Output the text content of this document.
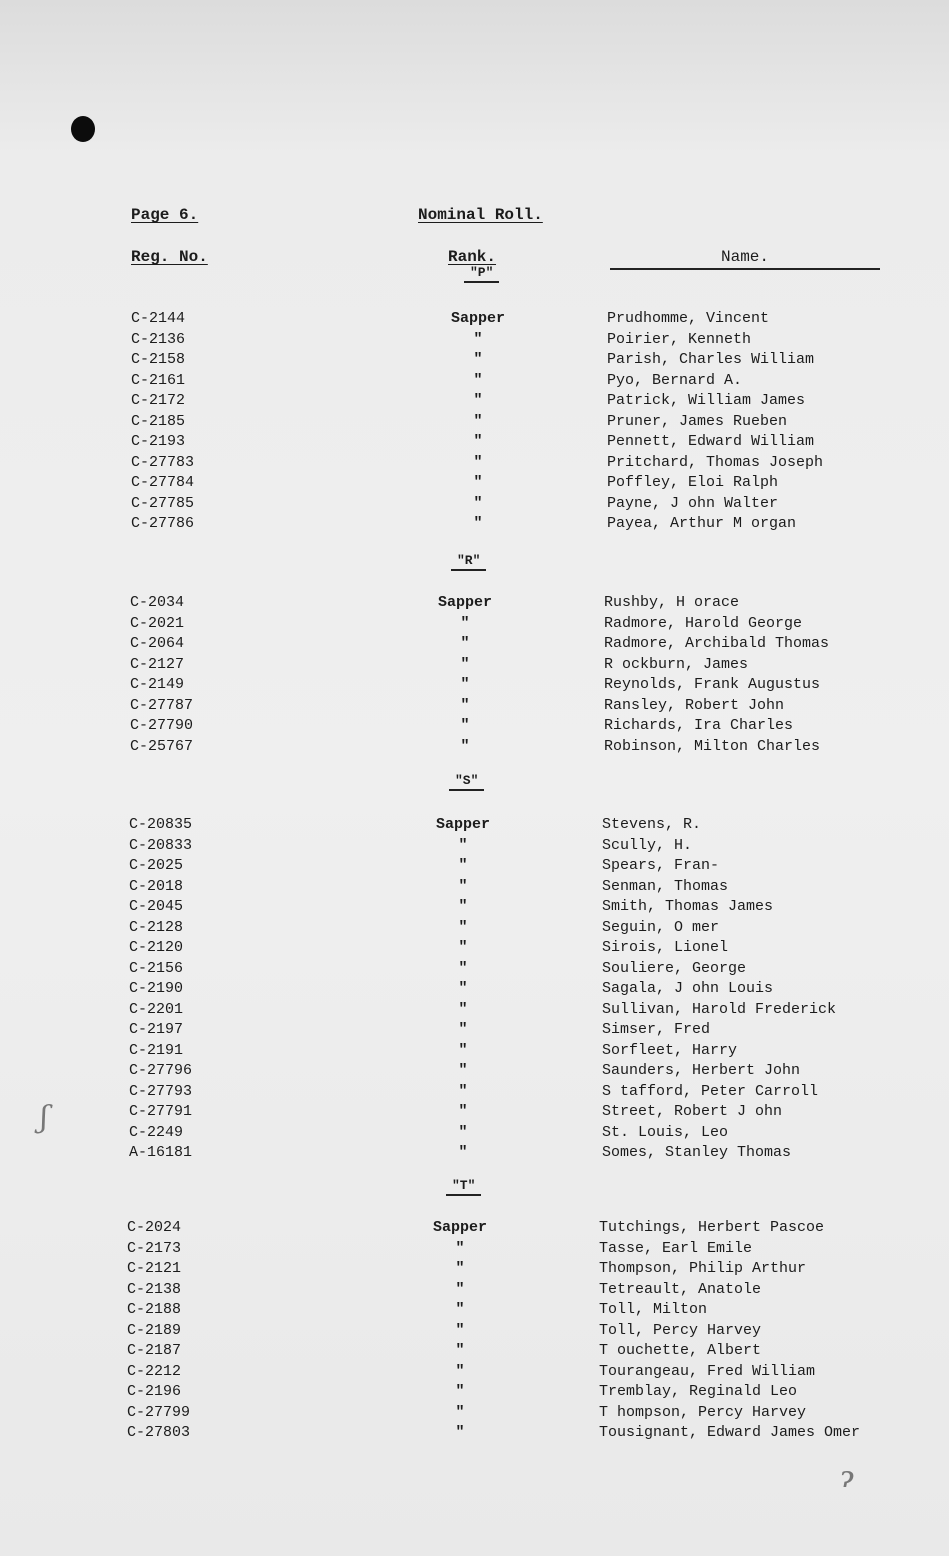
Page 6.	Nominal Roll.
Reg. No.	Rank.	Name.
"P"
C-2144	Sapper	Prudhomme, Vincent
C-2136	"	Poirier, Kenneth
C-2158	"	Parish, Charles William
C-2161	"	Pyo, Bernard A.
C-2172	"	Patrick, William James
C-2185	"	Pruner, James Rueben
C-2193	"	Pennett, Edward William
C-27783	"	Pritchard, Thomas Joseph
C-27784	"	Poffley, Eloi Ralph
C-27785	"	Payne, J ohn Walter
C-27786	"	Payea, Arthur M organ
"R"
C-2034	Sapper	Rushby, H orace
C-2021	"	Radmore, Harold George
C-2064	"	Radmore, Archibald Thomas
C-2127	"	R ockburn, James
C-2149	"	Reynolds, Frank Augustus
C-27787	"	Ransley, Robert John
C-27790	"	Richards, Ira Charles
C-25767	"	Robinson, Milton Charles
"S"
C-20835	Sapper	Stevens, R.
C-20833	"	Scully, H.
C-2025	"	Spears, Fran-
C-2018	"	Senman, Thomas
C-2045	"	Smith, Thomas James
C-2128	"	Seguin, O mer
C-2120	"	Sirois, Lionel
C-2156	"	Souliere, George
C-2190	"	Sagala, J ohn Louis
C-2201	"	Sullivan, Harold Frederick
C-2197	"	Simser, Fred
C-2191	"	Sorfleet, Harry
C-27796	"	Saunders, Herbert John
C-27793	"	S tafford, Peter Carroll
C-27791	"	Street, Robert J ohn
C-2249	"	St. Louis, Leo
A-16181	"	Somes, Stanley Thomas
"T"
C-2024	Sapper	Tutchings, Herbert Pascoe
C-2173	"	Tasse, Earl Emile
C-2121	"	Thompson, Philip Arthur
C-2138	"	Tetreault, Anatole
C-2188	"	Toll, Milton
C-2189	"	Toll, Percy Harvey
C-2187	"	T ouchette, Albert
C-2212	"	Tourangeau, Fred William
C-2196	"	Tremblay, Reginald Leo
C-27799	"	T hompson, Percy Harvey
C-27803	"	Tousignant, Edward James Omer
ʃ
ɂ
